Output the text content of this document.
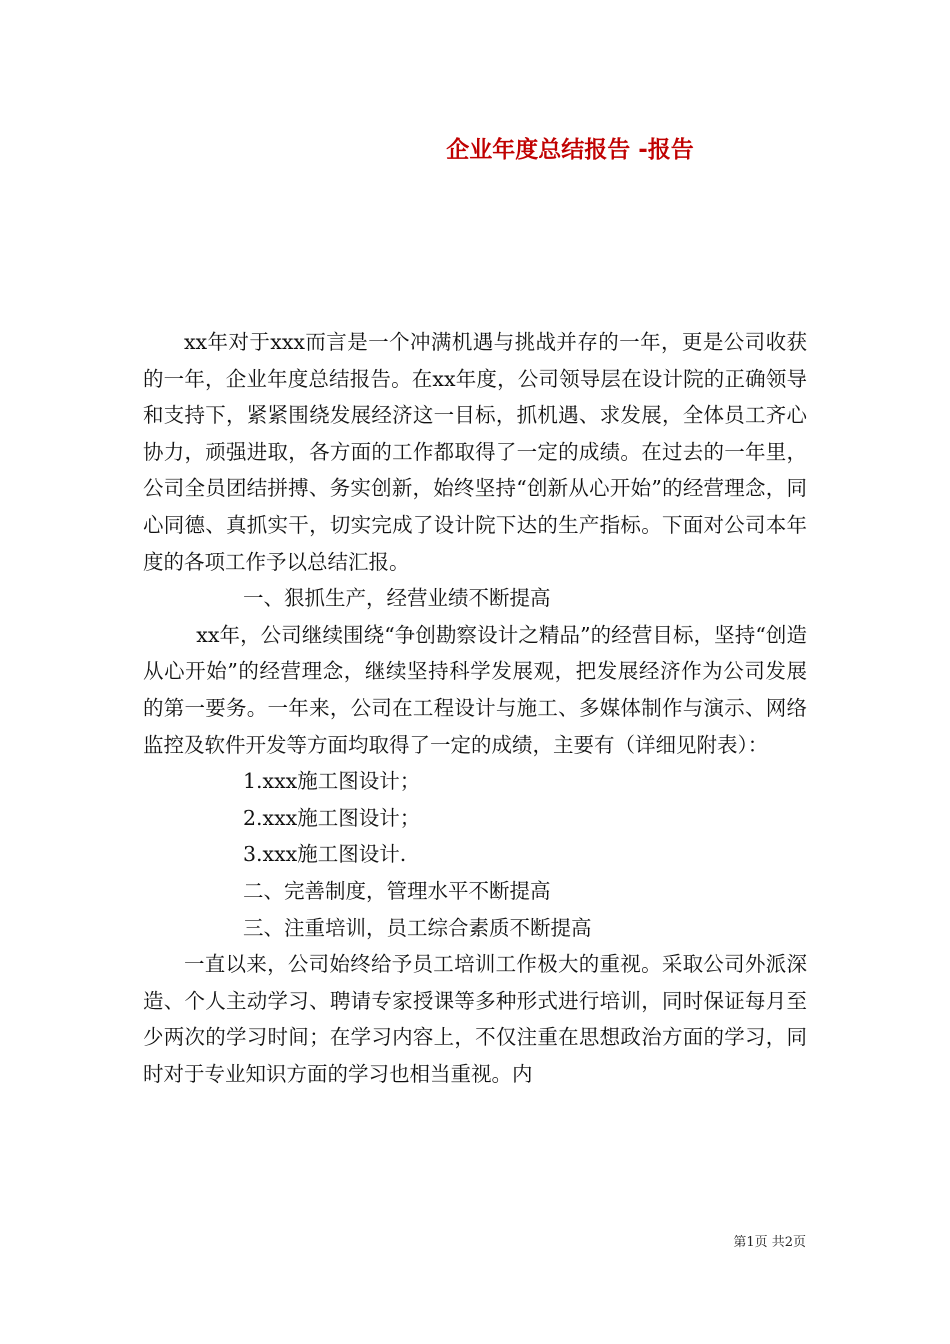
企业年度总结报告 -报告

xx年对于xxx而言是一个冲满机遇与挑战并存的一年，更是公司收获的一年，企业年度总结报告。在xx年度，公司领导层在设计院的正确领导和支持下，紧紧围绕发展经济这一目标，抓机遇、求发展，全体员工齐心协力，顽强进取，各方面的工作都取得了一定的成绩。在过去的一年里，公司全员团结拼搏、务实创新，始终坚持“创新从心开始”的经营理念，同心同德、真抓实干，切实完成了设计院下达的生产指标。下面对公司本年度的各项工作予以总结汇报。

一、狠抓生产，经营业绩不断提高

xx年，公司继续围绕“争创勘察设计之精品”的经营目标，坚持“创造从心开始”的经营理念，继续坚持科学发展观，把发展经济作为公司发展的第一要务。一年来，公司在工程设计与施工、多媒体制作与演示、网络监控及软件开发等方面均取得了一定的成绩，主要有（详细见附表）：

1.xxx施工图设计；

2.xxx施工图设计；

3.xxx施工图设计.

二、完善制度，管理水平不断提高

三、注重培训，员工综合素质不断提高

一直以来，公司始终给予员工培训工作极大的重视。采取公司外派深造、个人主动学习、聘请专家授课等多种形式进行培训，同时保证每月至少两次的学习时间；在学习内容上，不仅注重在思想政治方面的学习，同时对于专业知识方面的学习也相当重视。内

第1页 共2页
